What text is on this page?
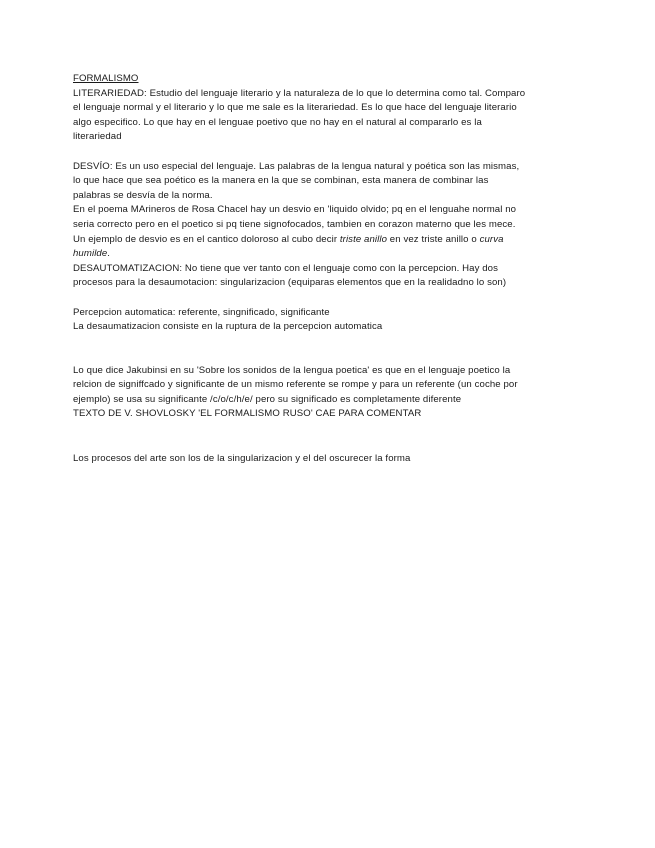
FORMALISMO

LITERARIEDAD: Estudio del lenguaje literario y la naturaleza de lo que lo determina como tal. Comparo el lenguaje normal y el literario y lo que me sale es la literariedad. Es lo que hace del lenguaje literario algo especifico. Lo que hay en el lenguae poetivo que no hay en el natural al compararlo es la literariedad

DESVÍO: Es un uso especial del lenguaje. Las palabras de la lengua natural y poética son las mismas, lo que hace que sea poético es la manera en la que se combinan, esta manera de combinar las palabras se desvía de la norma.

En el poema MArineros de Rosa Chacel hay un desvio en 'liquido olvido; pq en el lenguahe normal no seria correcto pero en el poetico si pq tiene signofocados, tambien en corazon materno que les mece.

Un ejemplo de desvio es en el cantico doloroso al cubo decir triste anillo en vez triste anillo o curva humilde.

DESAUTOMATIZACION: No tiene que ver tanto con el lenguaje como con la percepcion. Hay dos procesos para la desaumotacion: singularizacion (equiparas elementos que en la realidadno lo son)

Percepcion automatica: referente, singnificado, significante

La desaumatizacion consiste en la ruptura de la percepcion automatica

Lo que dice Jakubinsi en su 'Sobre los sonidos de la lengua poetica' es que en el lenguaje poetico la relcion de signiffcado y significante de un mismo referente se rompe y para un referente (un coche por ejemplo) se usa su significante /c/o/c/h/e/ pero su significado es completamente diferente

TEXTO DE V. SHOVLOSKY 'EL FORMALISMO RUSO' CAE PARA COMENTAR

Los procesos del arte son los de la singularizacion y el del oscurecer la forma
